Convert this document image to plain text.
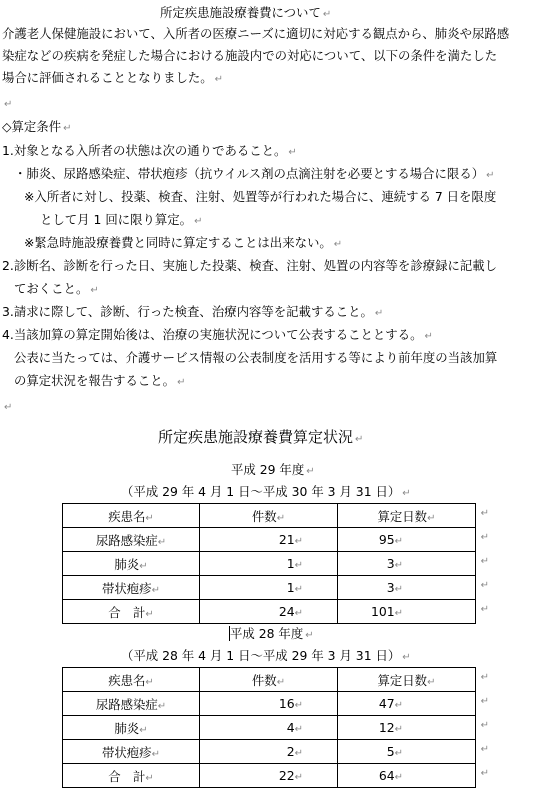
所定疾患施設療養費について ↵
介護老人保健施設において、入所者の医療ニーズに適切に対応する観点から、肺炎や尿路感
染症などの疾病を発症した場合における施設内での対応について、以下の条件を満たした
場合に評価されることとなりました。 ↵
↵
◇算定条件 ↵
1.対象となる入所者の状態は次の通りであること。 ↵
・肺炎、尿路感染症、帯状疱疹（抗ウイルス剤の点滴注射を必要とする場合に限る） ↵
※入所者に対し、投薬、検査、注射、処置等が行われた場合に、連続する 7 日を限度
として月 1 回に限り算定。 ↵
※緊急時施設療養費と同時に算定することは出来ない。 ↵
2.診断名、診断を行った日、実施した投薬、検査、注射、処置の内容等を診療録に記載し
ておくこと。 ↵
3.請求に際して、診断、行った検査、治療内容等を記載すること。 ↵
4.当該加算の算定開始後は、治療の実施状況について公表することとする。 ↵
公表に当たっては、介護サービス情報の公表制度を活用する等により前年度の当該加算
の算定状況を報告すること。 ↵
↵
所定疾患施設療養費算定状況 ↵
平成 29 年度 ↵
（平成 29 年 4 月 1 日～平成 30 年 3 月 31 日） ↵
疾患名↵	件数↵	算定日数↵ ↵

尿路感染症↵	21↵	95↵ ↵

肺炎↵	1↵	3↵ ↵

帯状疱疹↵	1↵	3↵ ↵

合　計↵	24↵	101↵ ↵
平成 28 年度 ↵
（平成 28 年 4 月 1 日～平成 29 年 3 月 31 日） ↵
疾患名↵	件数↵	算定日数↵ ↵

尿路感染症↵	16↵	47↵ ↵

肺炎↵	4↵	12↵ ↵

帯状疱疹↵	2↵	5↵ ↵

合　計↵	22↵	64↵ ↵
